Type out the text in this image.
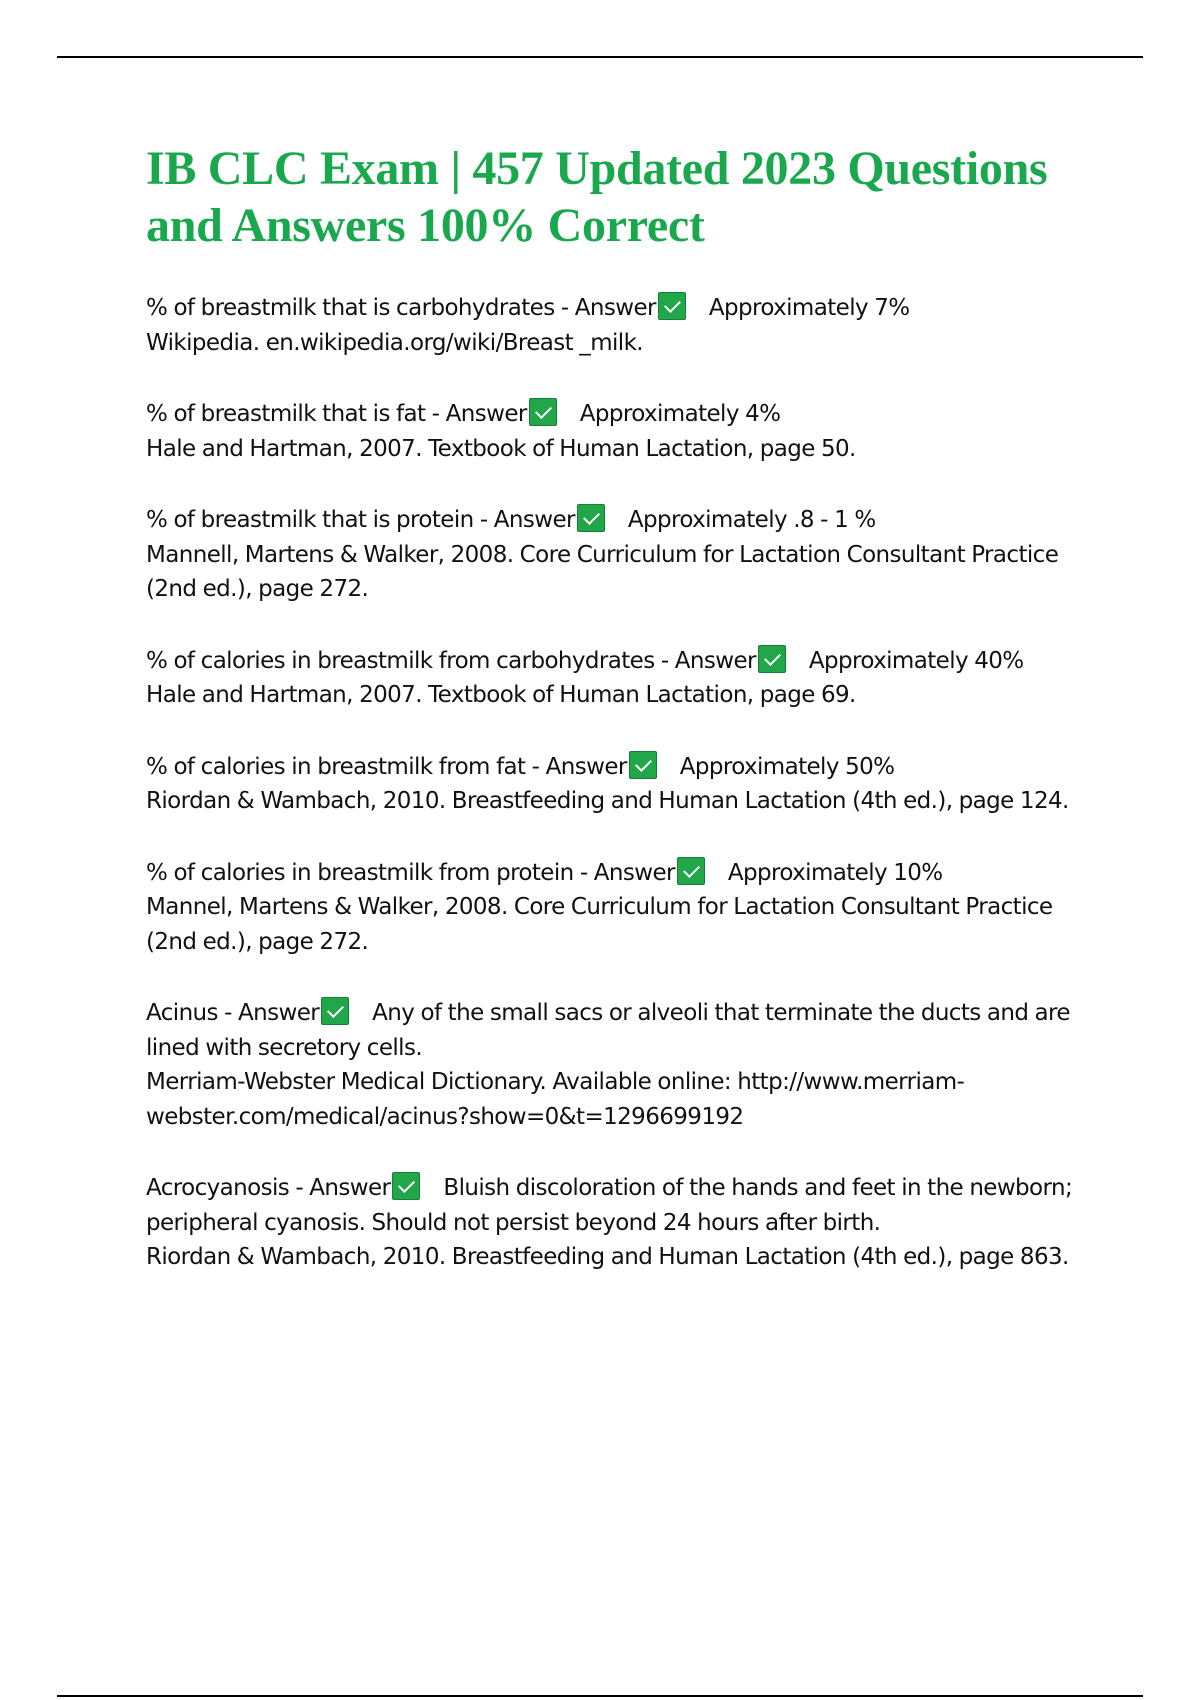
IB CLC Exam | 457 Updated 2023 Questions and Answers 100% Correct
% of breastmilk that is carbohydrates - Answer Approximately 7%
Wikipedia. en.wikipedia.org/wiki/Breast _milk.
% of breastmilk that is fat - Answer Approximately 4%
Hale and Hartman, 2007. Textbook of Human Lactation, page 50.
% of breastmilk that is protein - Answer Approximately .8 - 1 %
Mannell, Martens & Walker, 2008. Core Curriculum for Lactation Consultant Practice (2nd ed.), page 272.
% of calories in breastmilk from carbohydrates - Answer Approximately 40%
Hale and Hartman, 2007. Textbook of Human Lactation, page 69.
% of calories in breastmilk from fat - Answer Approximately 50%
Riordan & Wambach, 2010. Breastfeeding and Human Lactation (4th ed.), page 124.
% of calories in breastmilk from protein - Answer Approximately 10%
Mannel, Martens & Walker, 2008. Core Curriculum for Lactation Consultant Practice (2nd ed.), page 272.
Acinus - Answer Any of the small sacs or alveoli that terminate the ducts and are lined with secretory cells.
Merriam-Webster Medical Dictionary. Available online: http://www.merriam-webster.com/medical/acinus?show=0&t=1296699192
Acrocyanosis - Answer Bluish discoloration of the hands and feet in the newborn; peripheral cyanosis. Should not persist beyond 24 hours after birth.
Riordan & Wambach, 2010. Breastfeeding and Human Lactation (4th ed.), page 863.
